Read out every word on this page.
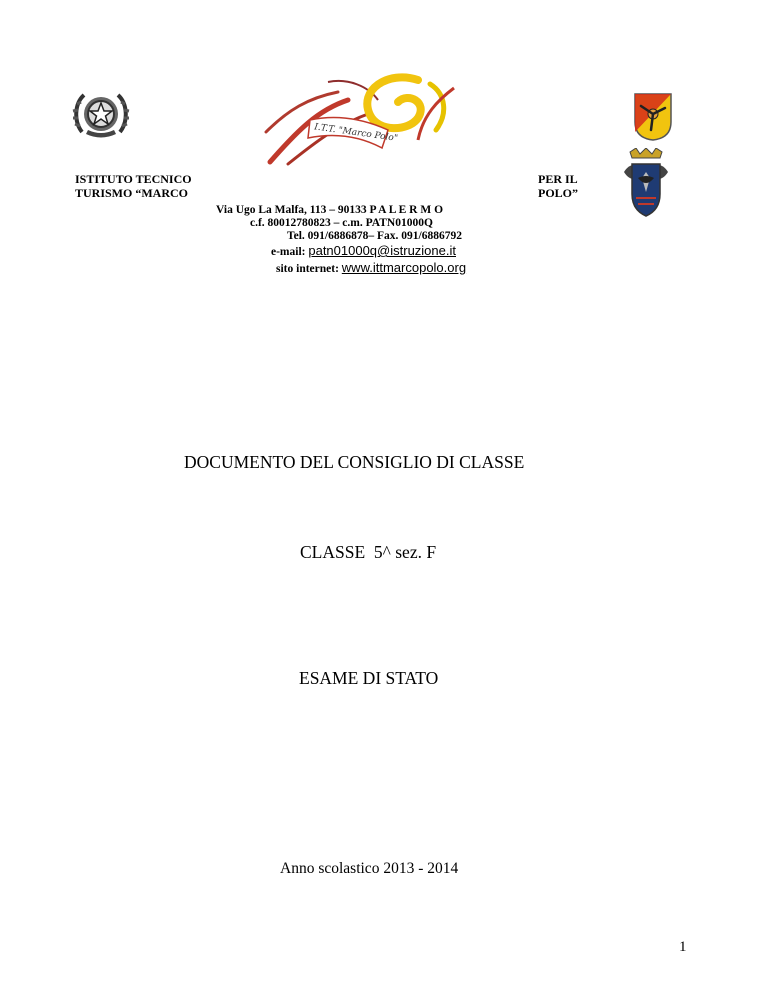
I.T.T. "Marco Polo"
ISTITUTO TECNICO
TURISMO “MARCO
PER IL
POLO”
Via Ugo La Malfa, 113 – 90133 P A L E R M O
c.f. 80012780823 – c.m. PATN01000Q
Tel. 091/6886878– Fax. 091/6886792
e-mail: patn01000q@istruzione.it
sito internet: www.ittmarcopolo.org
DOCUMENTO DEL CONSIGLIO DI CLASSE
CLASSE  5^ sez. F
ESAME DI STATO
Anno scolastico 2013 - 2014
1
